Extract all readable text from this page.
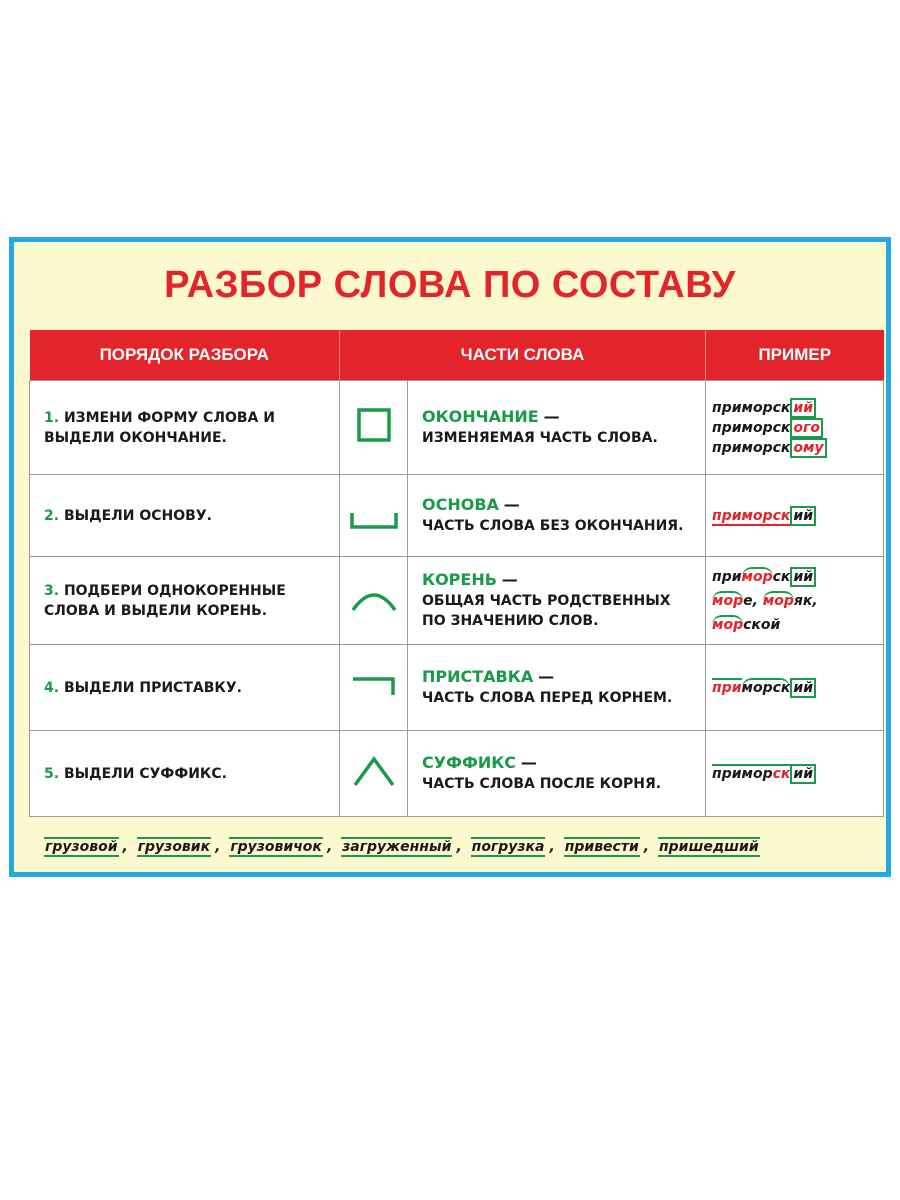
РАЗБОР СЛОВА ПО СОСТАВУ
ПОРЯДОК РАЗБОРА	ЧАСТИ СЛОВА		ПРИМЕР
1. ИЗМЕНИ ФОРМУ СЛОВА И ВЫДЕЛИ ОКОНЧАНИЕ.		ОКОНЧАНИЕ —
ИЗМЕНЯЕМАЯ ЧАСТЬ СЛОВА.	приморск ий
приморск ого
приморск ому

2. ВЫДЕЛИ ОСНОВУ.		ОСНОВА —
ЧАСТЬ СЛОВА БЕЗ ОКОНЧАНИЯ.	приморск ий

3. ПОДБЕРИ ОДНОКОРЕННЫЕ СЛОВА И ВЫДЕЛИ КОРЕНЬ.		КОРЕНЬ —
ОБЩАЯ ЧАСТЬ РОДСТВЕННЫХ ПО ЗНАЧЕНИЮ СЛОВ.	приморск ий
море, моряк,
морской

4. ВЫДЕЛИ ПРИСТАВКУ.		ПРИСТАВКА —
ЧАСТЬ СЛОВА ПЕРЕД КОРНЕМ.	приморск ий

5. ВЫДЕЛИ СУФФИКС.		СУФФИКС —
ЧАСТЬ СЛОВА ПОСЛЕ КОРНЯ.	приморск ий
грузовой , грузовик , грузовичок , загруженный , погрузка , привести , пришедший
